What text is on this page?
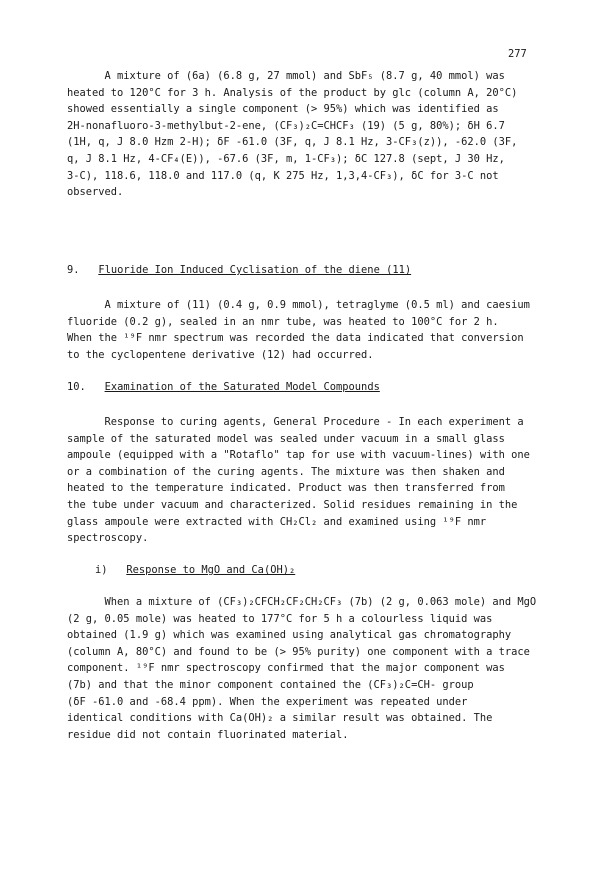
277
A mixture of (6a) (6.8 g, 27 mmol) and SbF₅ (8.7 g, 40 mmol) was
heated to 120°C for 3 h. Analysis of the product by glc (column A, 20°C)
showed essentially a single component (> 95%) which was identified as
2H-nonafluoro-3-methylbut-2-ene, (CF₃)₂C=CHCF₃ (19) (5 g, 80%); δH 6.7
(1H, q, J 8.0 Hzm 2-H); δF -61.0 (3F, q, J 8.1 Hz, 3-CF₃(z)), -62.0 (3F,
q, J 8.1 Hz, 4-CF₄(E)), -67.6 (3F, m, 1-CF₃); δC 127.8 (sept, J 30 Hz,
3-C), 118.6, 118.0 and 117.0 (q, K 275 Hz, 1,3,4-CF₃), δC for 3-C not
observed.
9. Fluoride Ion Induced Cyclisation of the diene (11)
A mixture of (11) (0.4 g, 0.9 mmol), tetraglyme (0.5 ml) and caesium
fluoride (0.2 g), sealed in an nmr tube, was heated to 100°C for 2 h.
When the ¹⁹F nmr spectrum was recorded the data indicated that conversion
to the cyclopentene derivative (12) had occurred.
10. Examination of the Saturated Model Compounds
Response to curing agents, General Procedure - In each experiment a
sample of the saturated model was sealed under vacuum in a small glass
ampoule (equipped with a "Rotaflo" tap for use with vacuum-lines) with one
or a combination of the curing agents. The mixture was then shaken and
heated to the temperature indicated. Product was then transferred from
the tube under vacuum and characterized. Solid residues remaining in the
glass ampoule were extracted with CH₂Cl₂ and examined using ¹⁹F nmr
spectroscopy.
i) Response to MgO and Ca(OH)₂
When a mixture of (CF₃)₂CFCH₂CF₂CH₂CF₃ (7b) (2 g, 0.063 mole) and MgO
(2 g, 0.05 mole) was heated to 177°C for 5 h a colourless liquid was
obtained (1.9 g) which was examined using analytical gas chromatography
(column A, 80°C) and found to be (> 95% purity) one component with a trace
component. ¹⁹F nmr spectroscopy confirmed that the major component was
(7b) and that the minor component contained the (CF₃)₂C=CH- group
(δF -61.0 and -68.4 ppm). When the experiment was repeated under
identical conditions with Ca(OH)₂ a similar result was obtained. The
residue did not contain fluorinated material.
